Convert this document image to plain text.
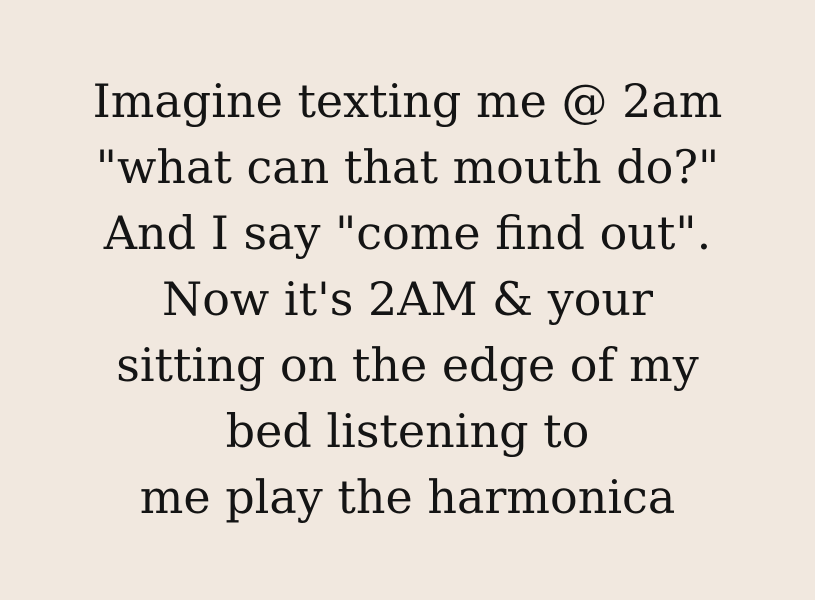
Imagine texting me @ 2am
"what can that mouth do?"
And I say "come find out".
Now it's 2AM & your
sitting on the edge of my
bed listening to
me play the harmonica
